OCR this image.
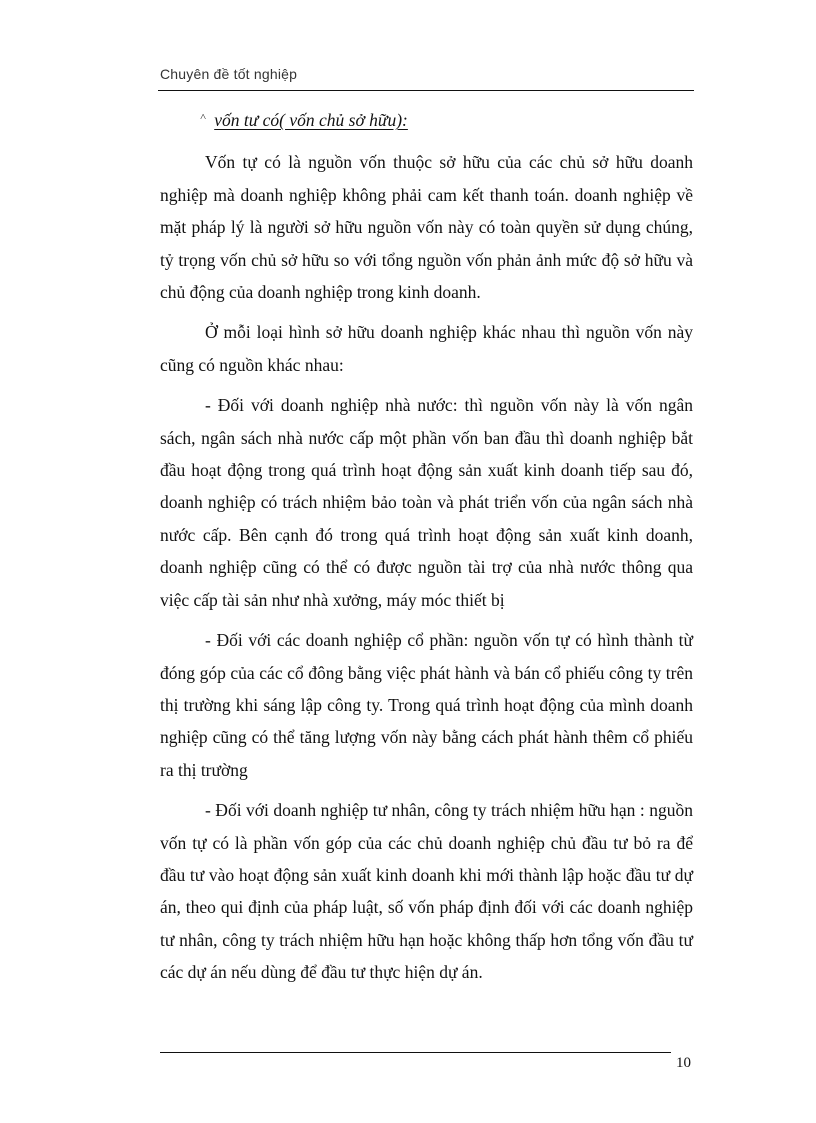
Chuyên đề tốt nghiệp
˄ vốn tư có( vốn chủ sở hữu):

Vốn tự có là nguồn vốn thuộc sở hữu của các chủ sở hữu doanh nghiệp mà doanh nghiệp không phải cam kết thanh toán. doanh nghiệp về mặt pháp lý là người sở hữu nguồn vốn này có toàn quyền sử dụng chúng, tỷ trọng vốn chủ sở hữu so với tổng nguồn vốn phản ảnh mức độ sở hữu và chủ động của doanh nghiệp trong kinh doanh.

Ở mỗi loại hình sở hữu doanh nghiệp khác nhau thì nguồn vốn này cũng có nguồn khác nhau:

- Đối với doanh nghiệp nhà nước: thì nguồn vốn này là vốn ngân sách, ngân sách nhà nước cấp một phần vốn ban đầu thì doanh nghiệp bắt đầu hoạt động trong quá trình hoạt động sản xuất kinh doanh tiếp sau đó, doanh nghiệp có trách nhiệm bảo toàn và phát triển vốn của ngân sách nhà nước cấp. Bên cạnh đó trong quá trình hoạt động sản xuất kinh doanh, doanh nghiệp cũng có thể có được nguồn tài trợ của nhà nước thông qua việc cấp tài sản như nhà xưởng, máy móc thiết bị

- Đối với các doanh nghiệp cổ phần: nguồn vốn tự có hình thành từ đóng góp của các cổ đông bằng việc phát hành và bán cổ phiếu công ty trên thị trường khi sáng lập công ty. Trong quá trình hoạt động của mình doanh nghiệp cũng có thể tăng lượng vốn này bằng cách phát hành thêm cổ phiếu ra thị trường

- Đối với doanh nghiệp tư nhân, công ty trách nhiệm hữu hạn : nguồn vốn tự có là phần vốn góp của các chủ doanh nghiệp chủ đầu tư bỏ ra để đầu tư vào hoạt động sản xuất kinh doanh khi mới thành lập hoặc đầu tư dự án, theo qui định của pháp luật, số vốn pháp định đối với các doanh nghiệp tư nhân, công ty trách nhiệm hữu hạn hoặc không thấp hơn tổng vốn đầu tư các dự án nếu dùng để đầu tư thực hiện dự án.

10
